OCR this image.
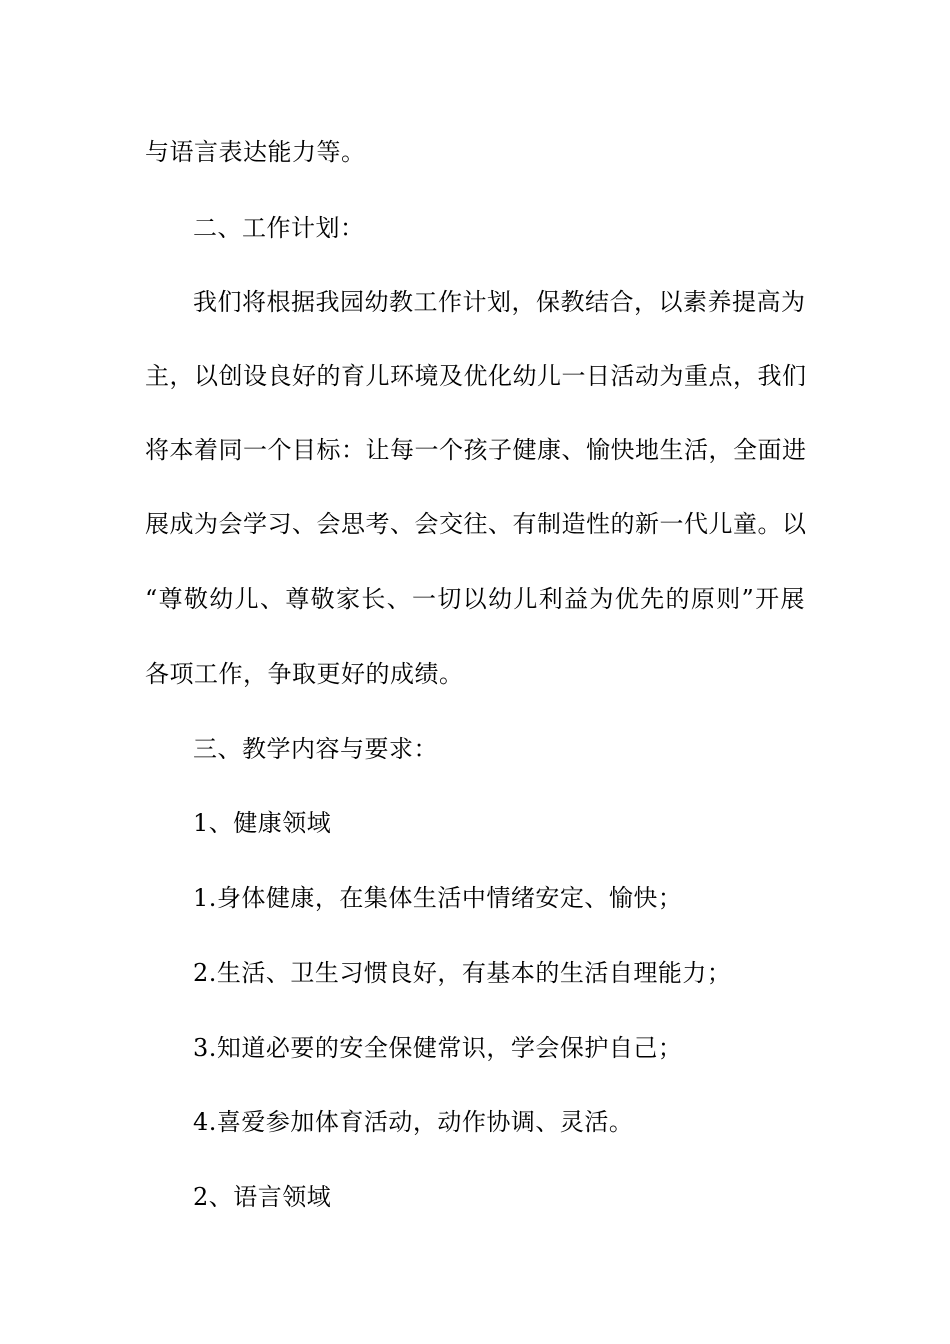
与语言表达能力等。
二、工作计划：
我们将根据我园幼教工作计划，保教结合，以素养提高为
主，以创设良好的育儿环境及优化幼儿一日活动为重点，我们
将本着同一个目标：让每一个孩子健康、愉快地生活，全面进
展成为会学习、会思考、会交往、有制造性的新一代儿童。以
“尊敬幼儿、尊敬家长、一切以幼儿利益为优先的原则”开展
各项工作，争取更好的成绩。
三、教学内容与要求：
1、健康领域
1.身体健康，在集体生活中情绪安定、愉快；
2.生活、卫生习惯良好，有基本的生活自理能力；
3.知道必要的安全保健常识，学会保护自己；
4.喜爱参加体育活动，动作协调、灵活。
2、语言领域
